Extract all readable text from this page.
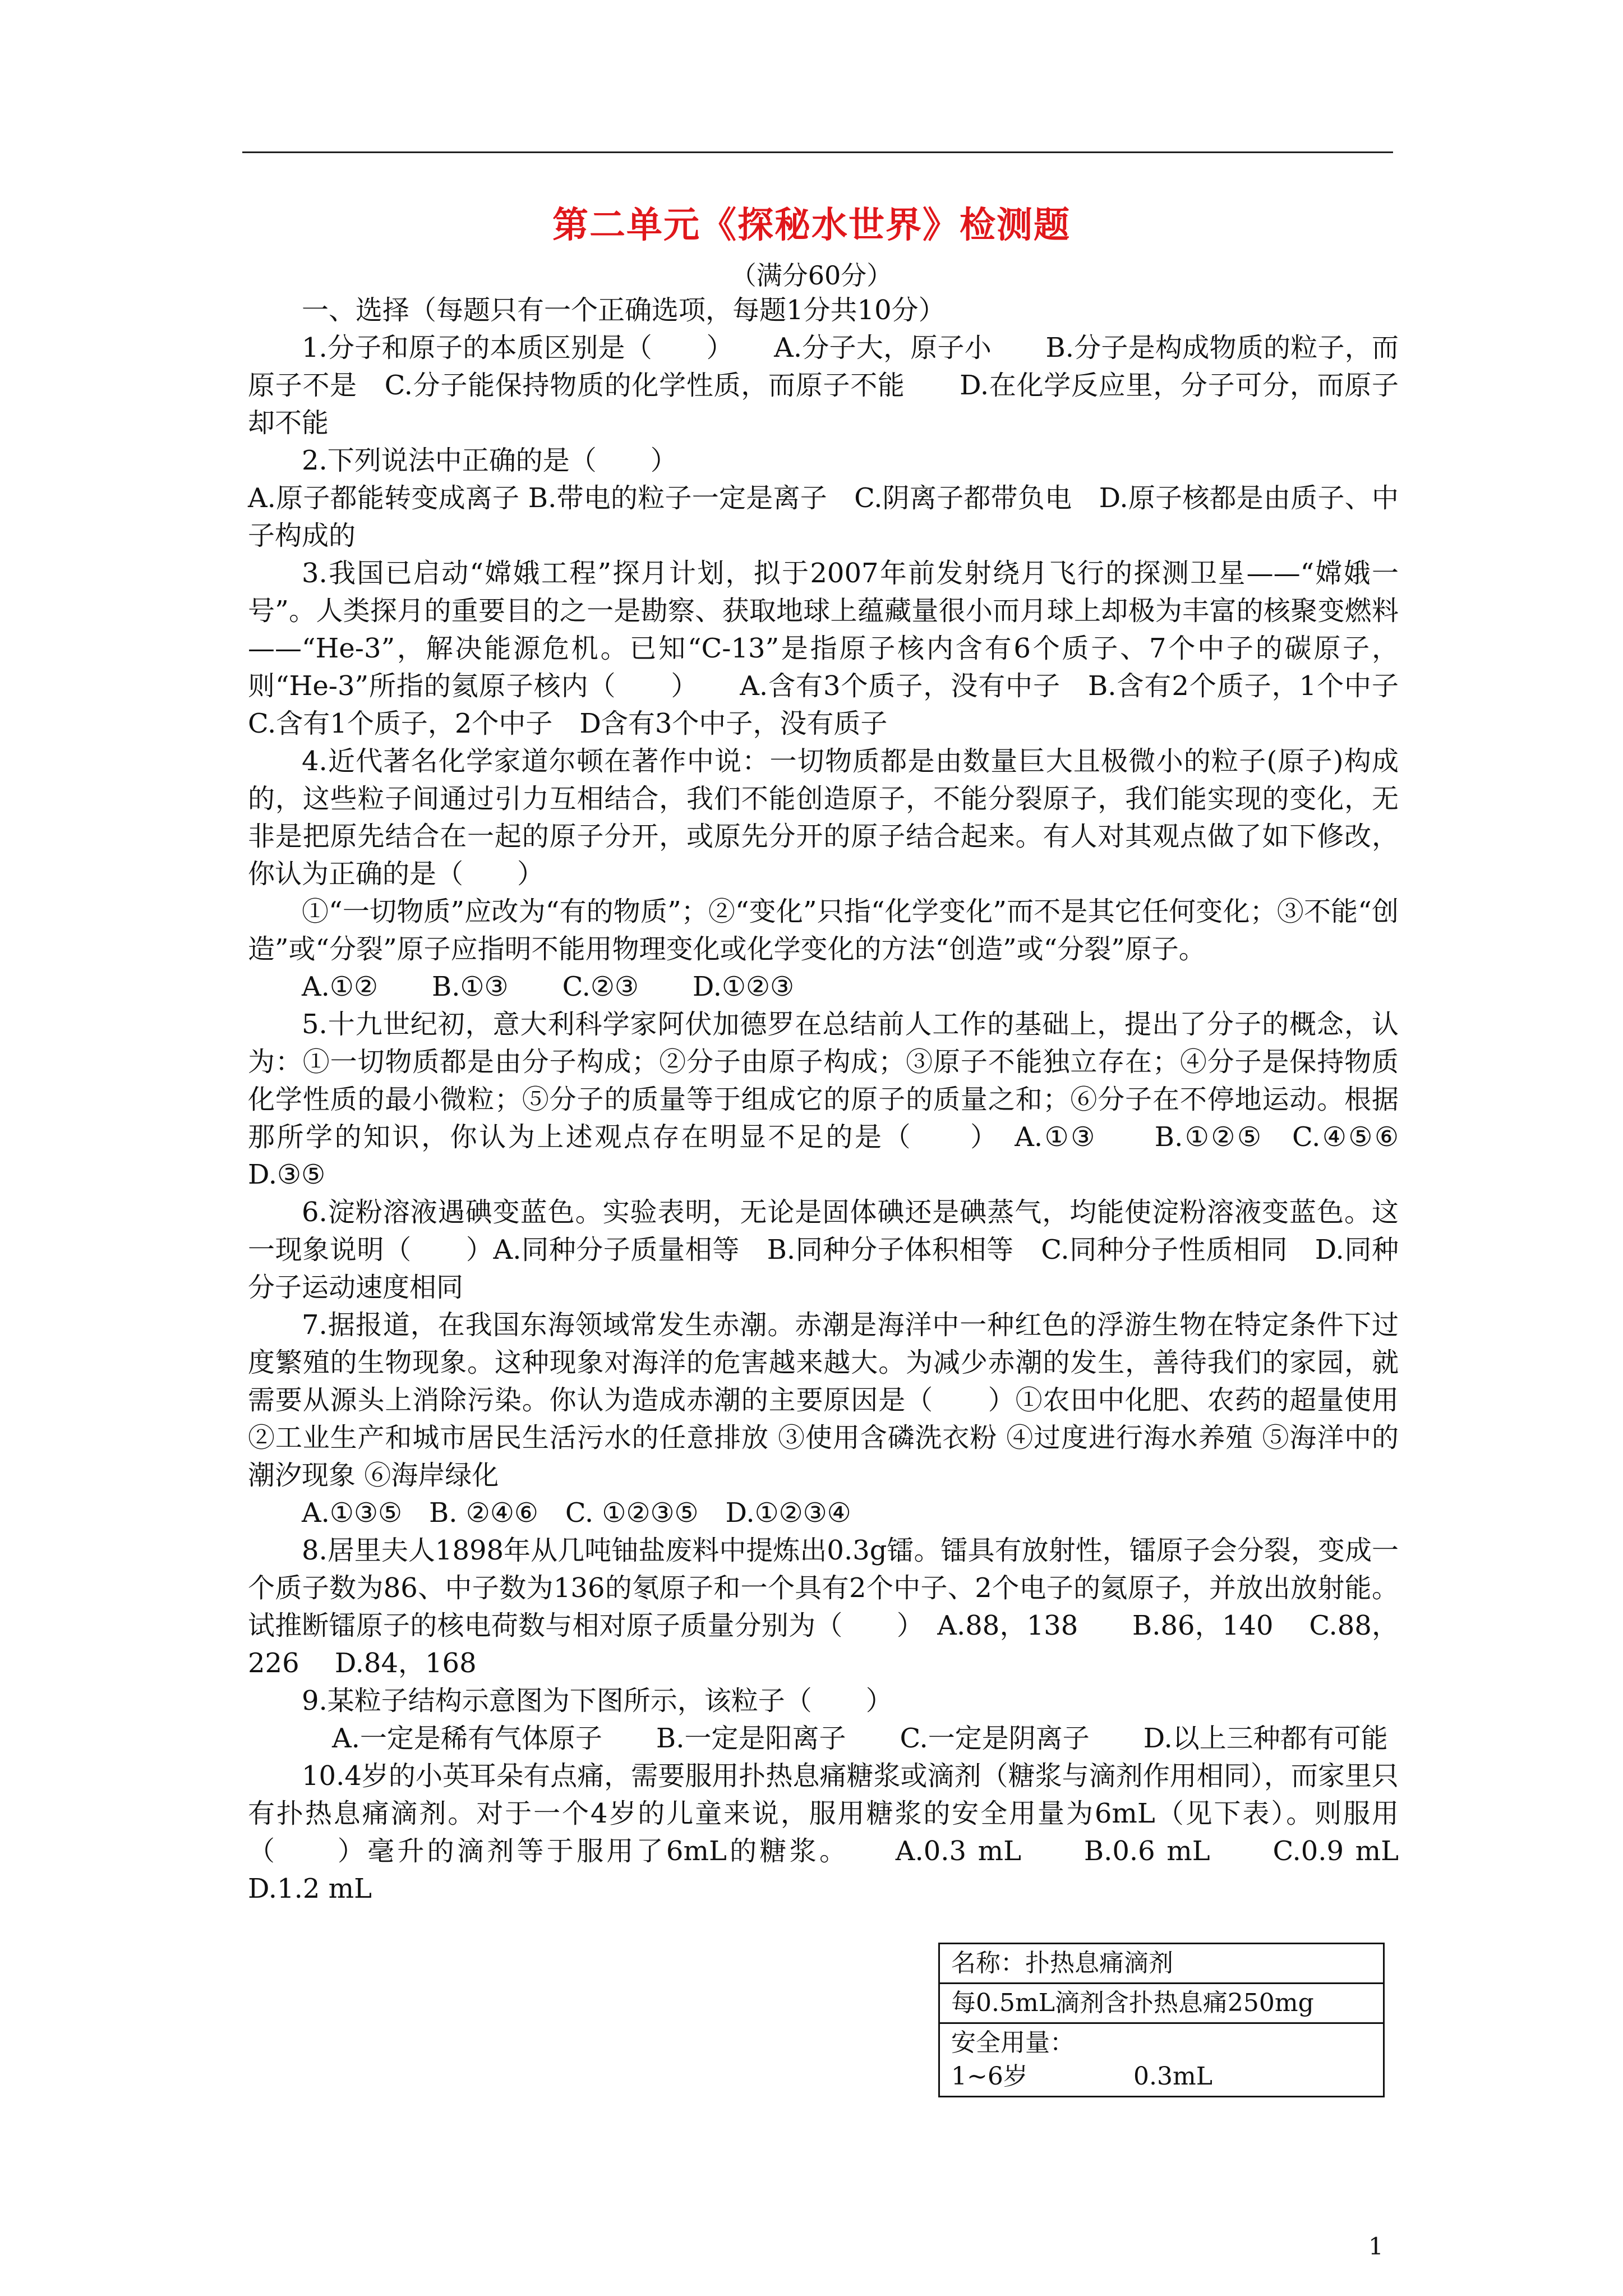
第二单元《探秘水世界》检测题
（满分60分）

一、选择（每题只有一个正确选项，每题1分共10分）

1.分子和原子的本质区别是（　　）　　A.分子大，原子小　　B.分子是构成物质的粒子，而原子不是　C.分子能保持物质的化学性质，而原子不能　　D.在化学反应里，分子可分，而原子却不能

2.下列说法中正确的是（　　）

A.原子都能转变成离子 B.带电的粒子一定是离子　C.阴离子都带负电　D.原子核都是由质子、中子构成的

3.我国已启动“嫦娥工程”探月计划，拟于2007年前发射绕月飞行的探测卫星——“嫦娥一号”。人类探月的重要目的之一是勘察、获取地球上蕴藏量很小而月球上却极为丰富的核聚变燃料——“He-3”，解决能源危机。已知“C-13”是指原子核内含有6个质子、7个中子的碳原子，则“He-3”所指的氦原子核内（　　）　　A.含有3个质子，没有中子　B.含有2个质子，1个中子　　C.含有1个质子，2个中子　D含有3个中子，没有质子

4.近代著名化学家道尔顿在著作中说：一切物质都是由数量巨大且极微小的粒子(原子)构成的，这些粒子间通过引力互相结合，我们不能创造原子，不能分裂原子，我们能实现的变化，无非是把原先结合在一起的原子分开，或原先分开的原子结合起来。有人对其观点做了如下修改，你认为正确的是（　　）

①“一切物质”应改为“有的物质”；②“变化”只指“化学变化”而不是其它任何变化；③不能“创造”或“分裂”原子应指明不能用物理变化或化学变化的方法“创造”或“分裂”原子。

A.①②　　B.①③　　C.②③　　D.①②③

5.十九世纪初，意大利科学家阿伏加德罗在总结前人工作的基础上，提出了分子的概念，认为：①一切物质都是由分子构成；②分子由原子构成；③原子不能独立存在；④分子是保持物质化学性质的最小微粒；⑤分子的质量等于组成它的原子的质量之和；⑥分子在不停地运动。根据那所学的知识，你认为上述观点存在明显不足的是（　　）　A.①③　　B.①②⑤　C.④⑤⑥　　D.③⑤

6.淀粉溶液遇碘变蓝色。实验表明，无论是固体碘还是碘蒸气，均能使淀粉溶液变蓝色。这一现象说明（　　）A.同种分子质量相等　B.同种分子体积相等　C.同种分子性质相同　D.同种分子运动速度相同

7.据报道，在我国东海领域常发生赤潮。赤潮是海洋中一种红色的浮游生物在特定条件下过度繁殖的生物现象。这种现象对海洋的危害越来越大。为减少赤潮的发生，善待我们的家园，就需要从源头上消除污染。你认为造成赤潮的主要原因是（　　）①农田中化肥、农药的超量使用 ②工业生产和城市居民生活污水的任意排放 ③使用含磷洗衣粉 ④过度进行海水养殖 ⑤海洋中的潮汐现象 ⑥海岸绿化

A.①③⑤　B. ②④⑥　C. ①②③⑤　D.①②③④

8.居里夫人1898年从几吨铀盐废料中提炼出0.3g镭。镭具有放射性，镭原子会分裂，变成一个质子数为86、中子数为136的氡原子和一个具有2个中子、2个电子的氦原子，并放出放射能。试推断镭原子的核电荷数与相对原子质量分别为（　　）　A.88，138　　B.86，140　 C.88，226　 D.84，168

9.某粒子结构示意图为下图所示，该粒子（　　）

A.一定是稀有气体原子　　B.一定是阳离子　　C.一定是阴离子　　D.以上三种都有可能

10.4岁的小英耳朵有点痛，需要服用扑热息痛糖浆或滴剂（糖浆与滴剂作用相同），而家里只有扑热息痛滴剂。对于一个4岁的儿童来说，服用糖浆的安全用量为6mL（见下表）。则服用（　　）毫升的滴剂等于服用了6mL的糖浆。　　A.0.3 mL　　B.0.6 mL　　C.0.9 mL　　D.1.2 mL

名称：扑热息痛滴剂
每0.5mL滴剂含扑热息痛250mg
安全用量：
1~6岁	0.3mL
1
